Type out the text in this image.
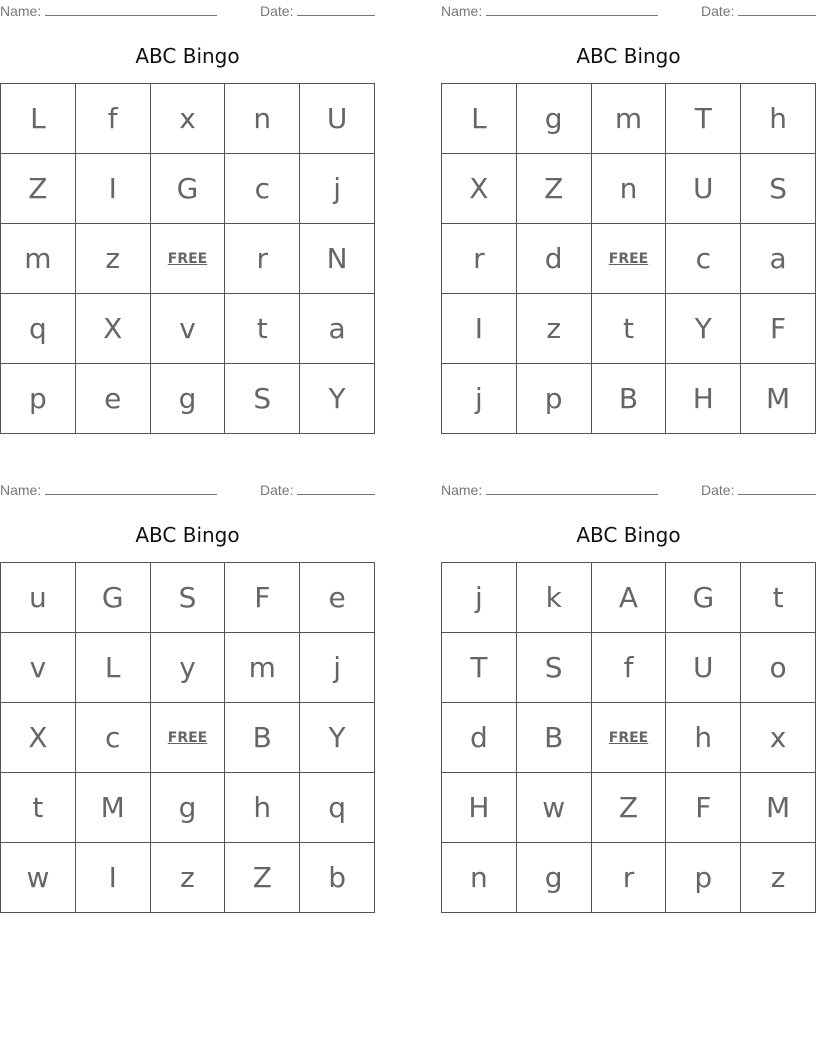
Name:	Date:
ABC Bingo
L	f	x	n	U
Z	I	G	c	j
m	z	FREE	r	N
q	X	v	t	a
p	e	g	S	Y
Name:	Date:
ABC Bingo
L	g	m	T	h
X	Z	n	U	S
r	d	FREE	c	a
I	z	t	Y	F
j	p	B	H	M
Name:	Date:
ABC Bingo
u	G	S	F	e
v	L	y	m	j
X	c	FREE	B	Y
t	M	g	h	q
w	I	z	Z	b
Name:	Date:
ABC Bingo
j	k	A	G	t
T	S	f	U	o
d	B	FREE	h	x
H	w	Z	F	M
n	g	r	p	z
